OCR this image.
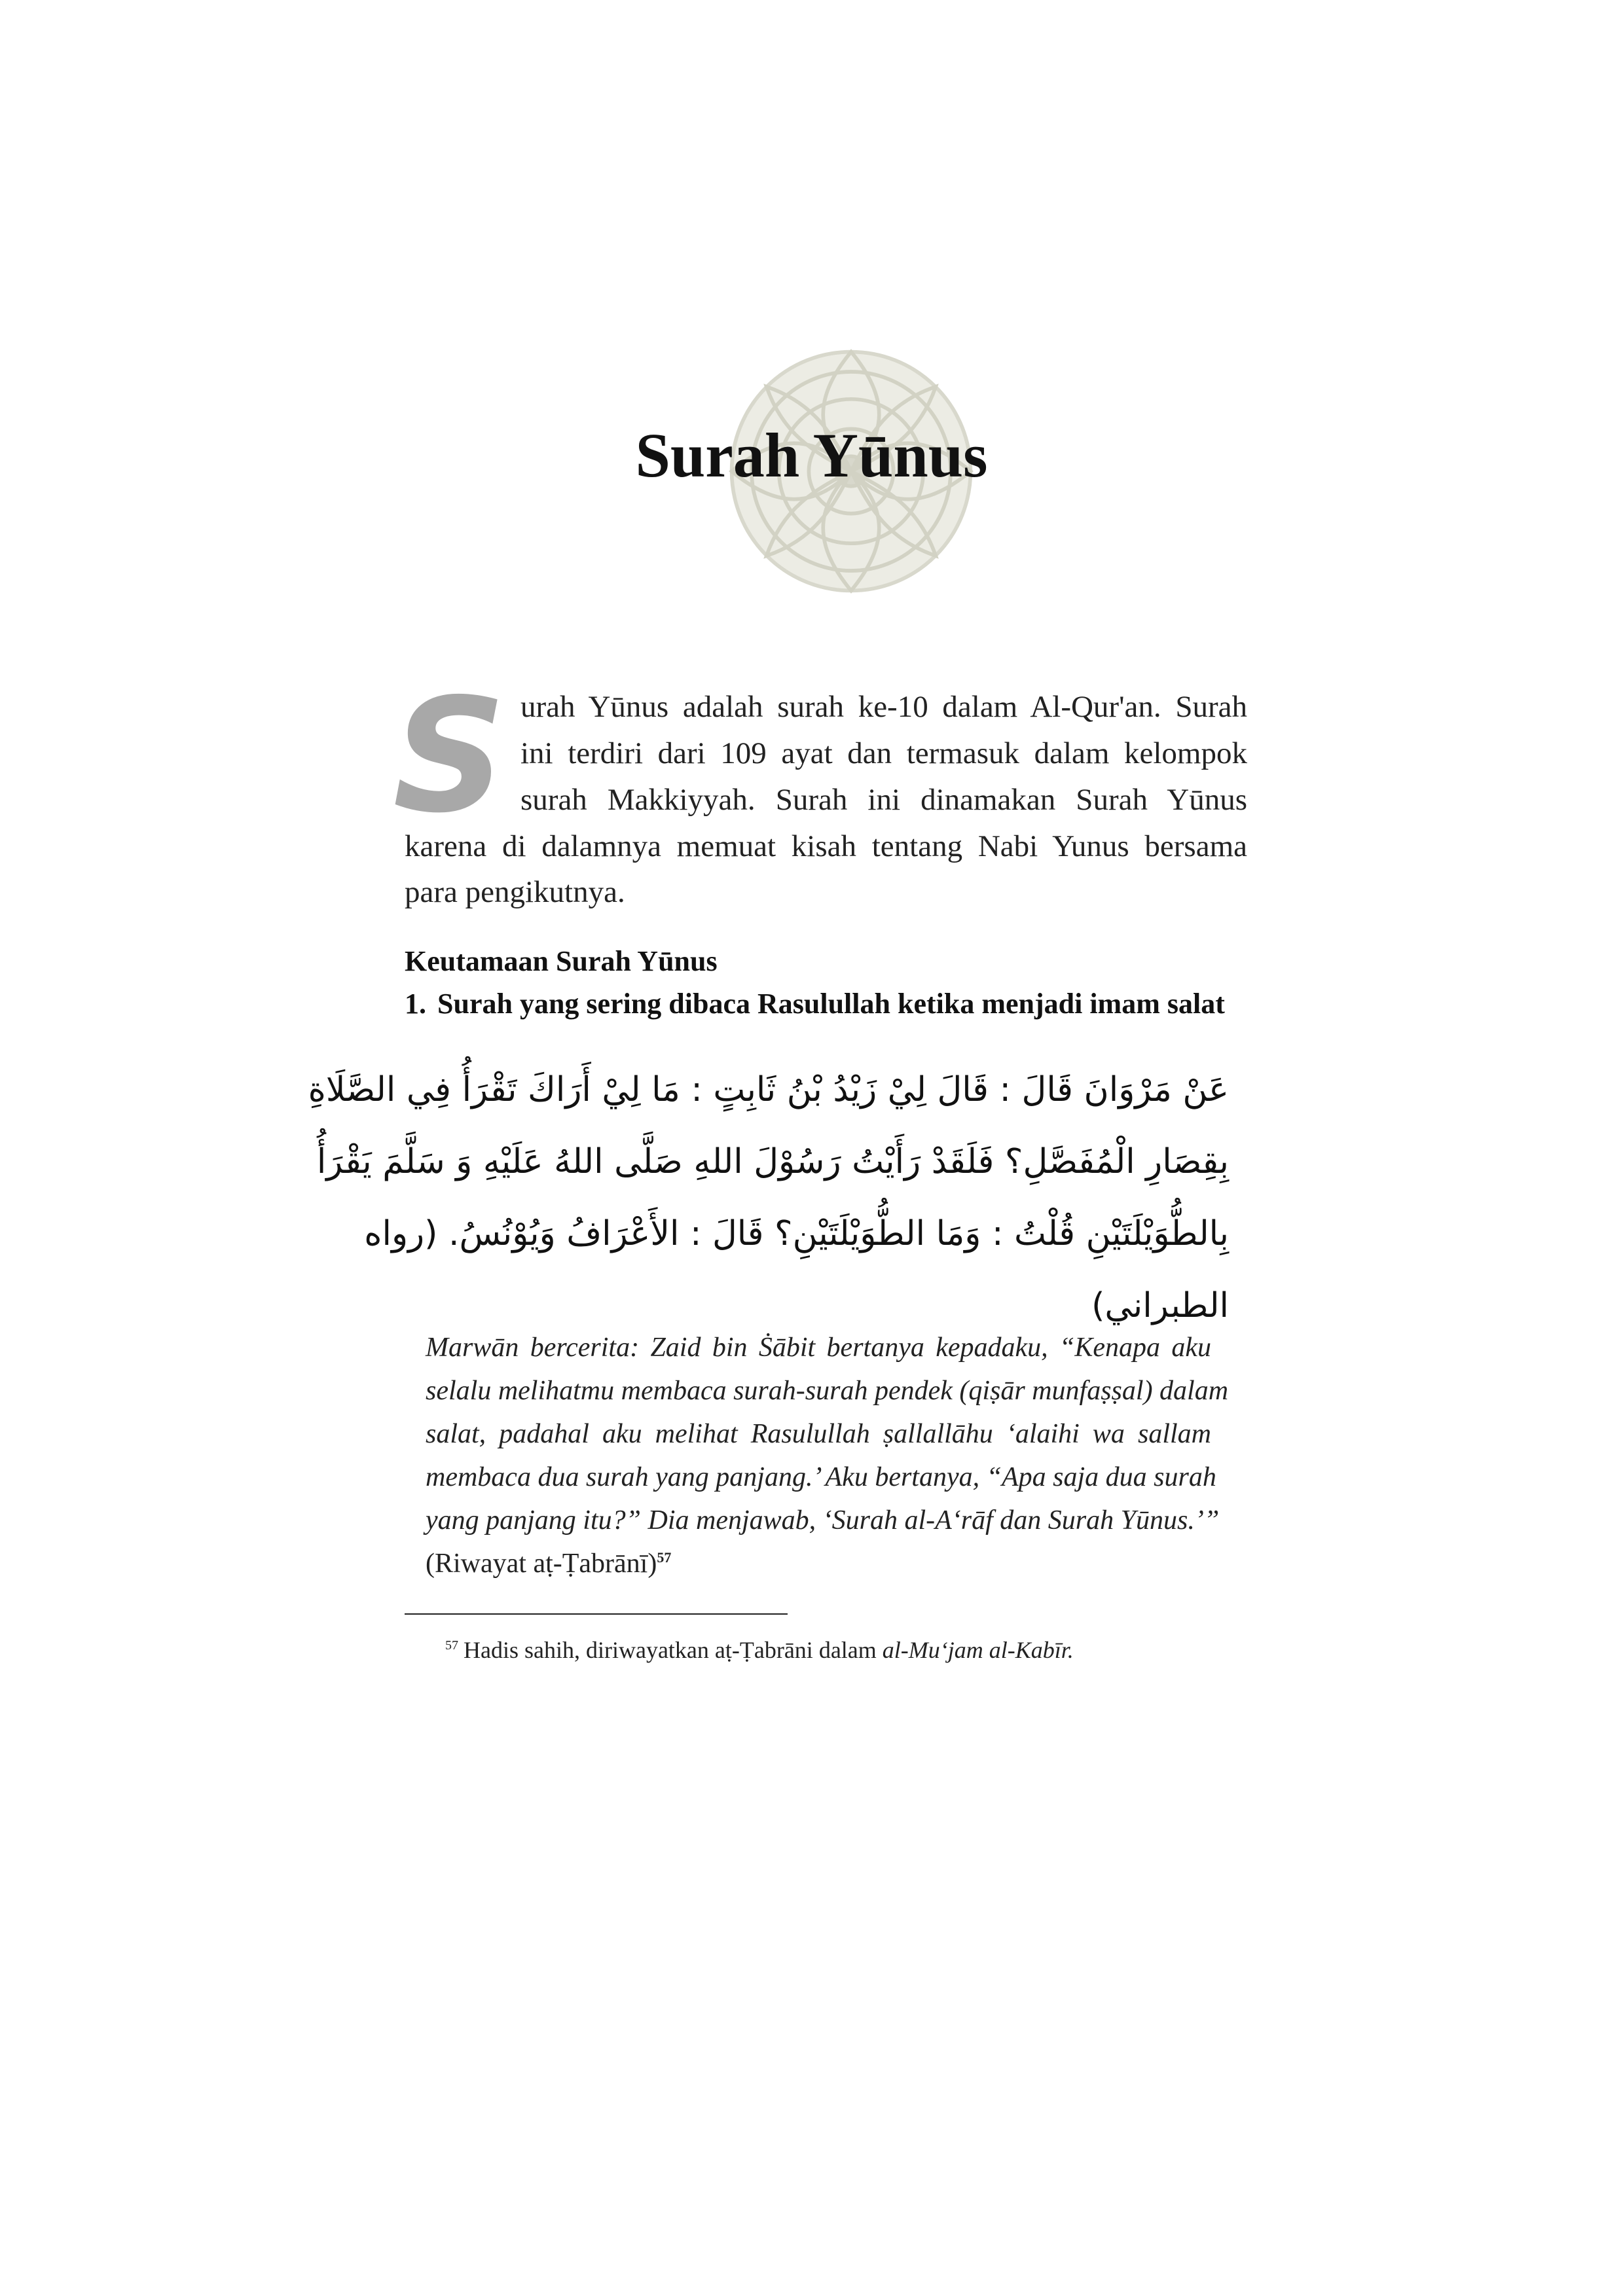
Surah Yūnus
S urah Yūnus adalah surah ke-10 dalam Al-Qur'an. Surah
ini terdiri dari 109 ayat dan termasuk dalam kelompok
surah Makkiyyah. Surah ini dinamakan Surah Yūnus
karena di dalamnya memuat kisah tentang Nabi Yunus bersama
para pengikutnya.
Keutamaan Surah Yūnus
1. Surah yang sering dibaca Rasulullah ketika menjadi imam salat
عَنْ مَرْوَانَ قَالَ : قَالَ لِيْ زَيْدُ بْنُ ثَابِتٍ : مَا لِيْ أَرَاكَ تَقْرَأُ فِي الصَّلَاةِ
بِقِصَارِ الْمُفَصَّلِ؟ فَلَقَدْ رَأَيْتُ رَسُوْلَ اللهِ صَلَّى اللهُ عَلَيْهِ وَ سَلَّمَ يَقْرَأُ
بِالطُّوَيْلَتَيْنِ قُلْتُ : وَمَا الطُّوَيْلَتَيْنِ؟ قَالَ : الأَعْرَافُ وَيُوْنُسُ. (رواه
الطبراني)
Marwān bercerita: Zaid bin Ṡābit bertanya kepadaku, “Kenapa aku
selalu melihatmu membaca surah-surah pendek (qiṣār munfaṣṣal) dalam
salat, padahal aku melihat Rasulullah ṣallallāhu ‘alaihi wa sallam
membaca dua surah yang panjang.’ Aku bertanya, “Apa saja dua surah
yang panjang itu?” Dia menjawab, ‘Surah al-A‘rāf dan Surah Yūnus.’”
(Riwayat aṭ-Ṭabrānī)$^{57}$
$^{57}$ Hadis sahih, diriwayatkan aṭ-Ṭabrāni dalam al-Mu‘jam al-Kabīr.
